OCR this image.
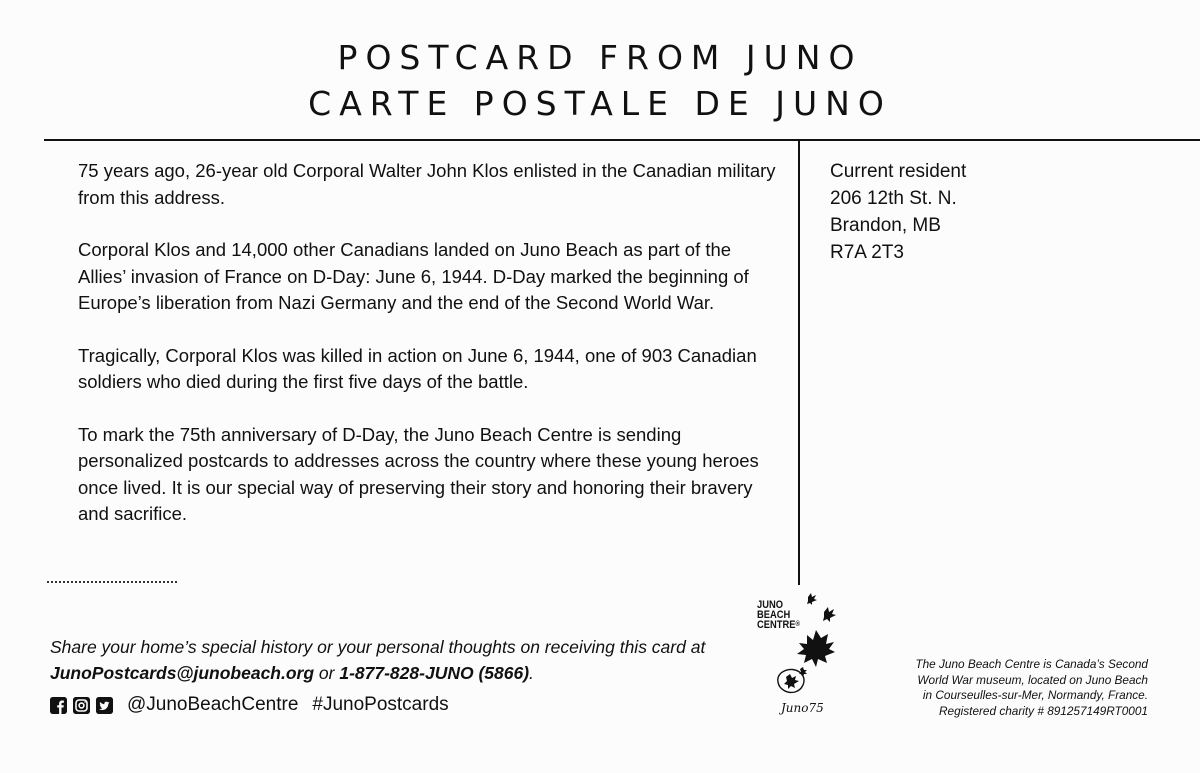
POSTCARD FROM JUNO
CARTE POSTALE DE JUNO

75 years ago, 26-year old Corporal Walter John Klos enlisted in the Canadian military from this address.

Corporal Klos and 14,000 other Canadians landed on Juno Beach as part of the Allies’ invasion of France on D-Day: June 6, 1944. D-Day marked the beginning of Europe’s liberation from Nazi Germany and the end of the Second World War.

Tragically, Corporal Klos was killed in action on June 6, 1944, one of 903 Canadian soldiers who died during the first five days of the battle.

To mark the 75th anniversary of D-Day, the Juno Beach Centre is sending personalized postcards to addresses across the country where these young heroes once lived. It is our special way of preserving their story and honoring their bravery and sacrifice.

Current resident
206 12th St. N.
Brandon, MB
R7A 2T3
Share your home’s special history or your personal thoughts on receiving this card at JunoPostcards@junobeach.org or 1-877-828-JUNO (5866).
@JunoBeachCentre #JunoPostcards
JUNO
BEACH
CENTRE®
Juno75
The Juno Beach Centre is Canada’s Second
World War museum, located on Juno Beach
in Courseulles-sur-Mer, Normandy, France.
Registered charity # 891257149RT0001
